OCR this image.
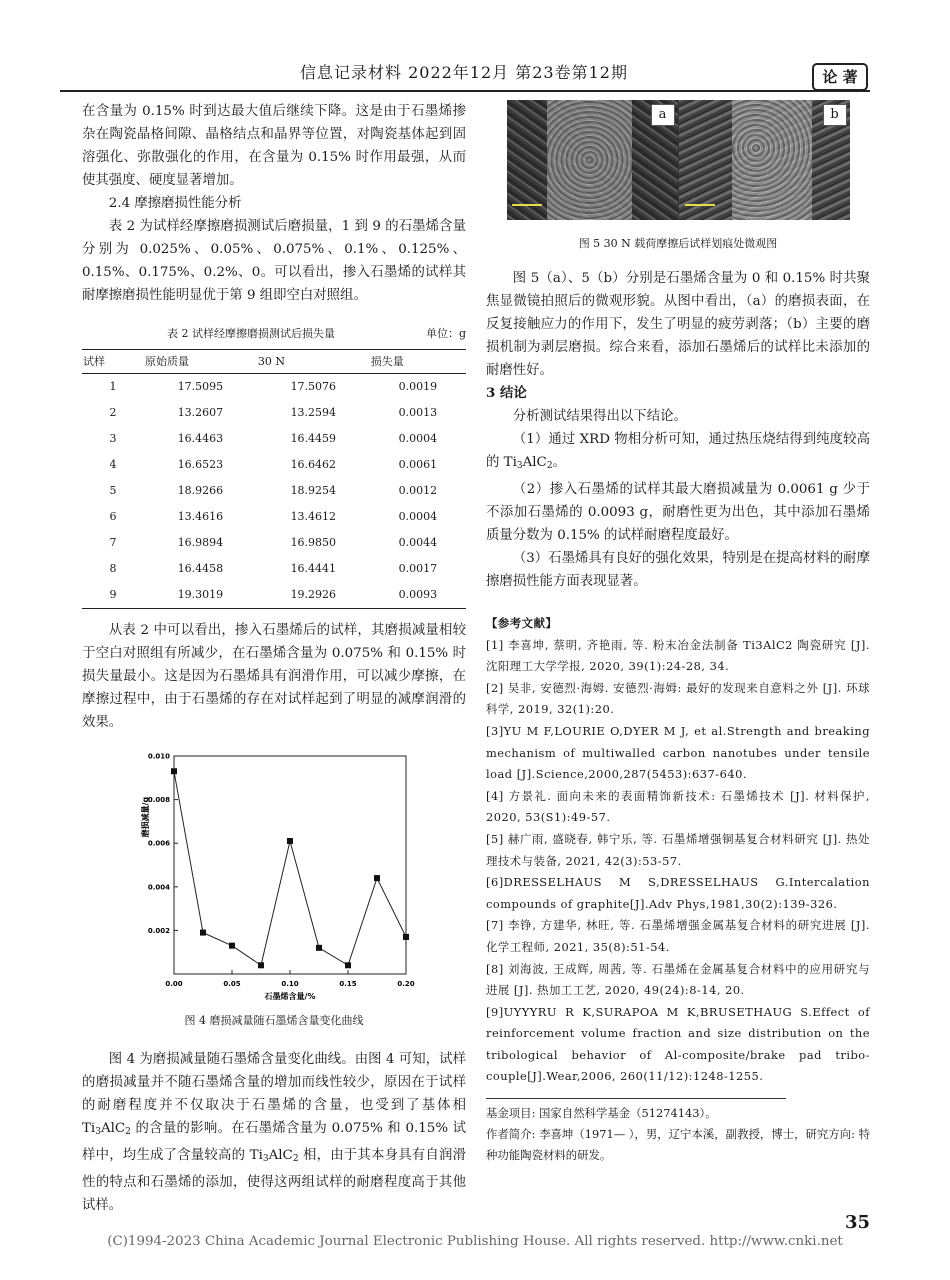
信息记录材料 2022年12月 第23卷第12期	论 著

在含量为 0.15% 时到达最大值后继续下降。这是由于石墨烯掺杂在陶瓷晶格间隙、晶格结点和晶界等位置，对陶瓷基体起到固溶强化、弥散强化的作用，在含量为 0.15% 时作用最强，从而使其强度、硬度显著增加。

2.4 摩擦磨损性能分析

表 2 为试样经摩擦磨损测试后磨损量，1 到 9 的石墨烯含量分别为 0.025%、0.05%、0.075%、0.1%、0.125%、0.15%、0.175%、0.2%、0。可以看出，掺入石墨烯的试样其耐摩擦磨损性能明显优于第 9 组即空白对照组。

表 2 试样经摩擦磨损测试后损失量	单位：g
试样	原始质量	30 N	损失量
1	17.5095	17.5076	0.0019
2	13.2607	13.2594	0.0013
3	16.4463	16.4459	0.0004
4	16.6523	16.6462	0.0061
5	18.9266	18.9254	0.0012
6	13.4616	13.4612	0.0004
7	16.9894	16.9850	0.0044
8	16.4458	16.4441	0.0017
9	19.3019	19.2926	0.0093

从表 2 中可以看出，掺入石墨烯后的试样，其磨损减量相较于空白对照组有所减少，在石墨烯含量为 0.075% 和 0.15% 时损失量最小。这是因为石墨烯具有润滑作用，可以减少摩擦，在摩擦过程中，由于石墨烯的存在对试样起到了明显的减摩润滑的效果。

0.00	0.05	0.10	0.15	0.20
0.002
0.004
0.006
0.008
0.010
石墨烯含量/%
磨损减量/g

图 4 磨损减量随石墨烯含量变化曲线

图 4 为磨损减量随石墨烯含量变化曲线。由图 4 可知，试样的磨损减量并不随石墨烯含量的增加而线性较少，原因在于试样的耐磨程度并不仅取决于石墨烯的含量，也受到了基体相 $Ti_3AlC_2$ 的含量的影响。在石墨烯含量为 0.075% 和 0.15% 试样中，均生成了含量较高的 $Ti_3AlC_2$ 相，由于其本身具有自润滑性的特点和石墨烯的添加，使得这两组试样的耐磨程度高于其他试样。

a	b

图 5 30 N 载荷摩擦后试样划痕处微观图

图 5（a）、5（b）分别是石墨烯含量为 0 和 0.15% 时共聚焦显微镜拍照后的微观形貌。从图中看出，（a）的磨损表面，在反复接触应力的作用下，发生了明显的疲劳剥落；（b）主要的磨损机制为剥层磨损。综合来看，添加石墨烯后的试样比未添加的耐磨性好。

3 结论

分析测试结果得出以下结论。

（1）通过 XRD 物相分析可知，通过热压烧结得到纯度较高的 $Ti_3AlC_2$。

（2）掺入石墨烯的试样其最大磨损减量为 0.0061 g 少于不添加石墨烯的 0.0093 g，耐磨性更为出色，其中添加石墨烯质量分数为 0.15% 的试样耐磨程度最好。

（3）石墨烯具有良好的强化效果，特别是在提高材料的耐摩擦磨损性能方面表现显著。

【参考文献】

[1] 李喜坤, 蔡明, 齐艳雨, 等. 粉末冶金法制备 Ti3AlC2 陶瓷研究 [J]. 沈阳理工大学学报, 2020, 39(1):24-28, 34.

[2] 吴非, 安德烈·海姆. 安德烈·海姆: 最好的发现来自意料之外 [J]. 环球科学, 2019, 32(1):20.

[3]YU M F,LOURIE O,DYER M J, et al.Strength and breaking mechanism of multiwalled carbon nanotubes under tensile load [J].Science,2000,287(5453):637-640.

[4] 方景礼. 面向未来的表面精饰新技术: 石墨烯技术 [J]. 材料保护, 2020, 53(S1):49-57.

[5] 赫广雨, 盛晓春, 韩宁乐, 等. 石墨烯增强铜基复合材料研究 [J]. 热处理技术与装备, 2021, 42(3):53-57.

[6]DRESSELHAUS M S,DRESSELHAUS G.Intercalation compounds of graphite[J].Adv Phys,1981,30(2):139-326.

[7] 李铮, 方建华, 林旺, 等. 石墨烯增强金属基复合材料的研究进展 [J]. 化学工程师, 2021, 35(8):51-54.

[8] 刘海波, 王成辉, 周茜, 等. 石墨烯在金属基复合材料中的应用研究与进展 [J]. 热加工工艺, 2020, 49(24):8-14, 20.

[9]UYYYRU R K,SURAPOA M K,BRUSETHAUG S.Effect of reinforcement volume fraction and size distribution on the tribological behavior of Al-composite/brake pad tribo-couple[J].Wear,2006, 260(11/12):1248-1255.

基金项目: 国家自然科学基金（51274143）。

作者简介: 李喜坤（1971— ），男，辽宁本溪，副教授，博士，研究方向: 特种功能陶瓷材料的研发。

35
(C)1994-2023 China Academic Journal Electronic Publishing House. All rights reserved. http://www.cnki.net
